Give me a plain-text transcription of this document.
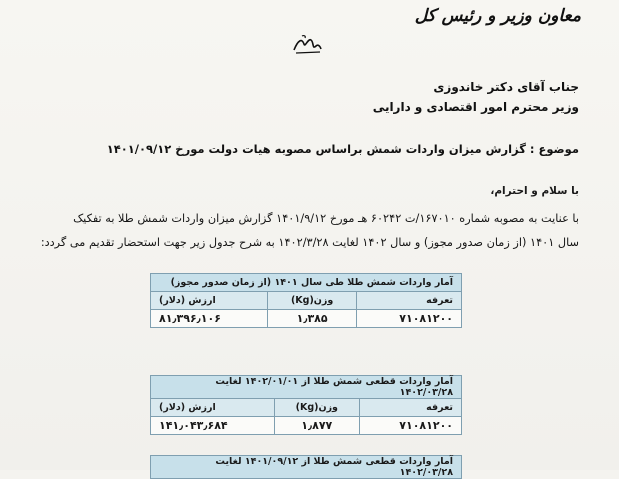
معاون وزیر و رئیس کل
جناب آقای دکتر خاندوزی
وزیر محترم امور اقتصادی و دارایی
موضوع : گزارش میزان واردات شمش براساس مصوبه هیات دولت مورخ ۱۴۰۱/۰۹/۱۲
با سلام و احترام،
با عنایت به مصوبه شماره ۱۶۷۰۱۰/ت ۶۰۲۴۲ هـ مورخ ۱۴۰۱/۹/۱۲ گزارش میزان واردات شمش طلا به تفکیک
سال ۱۴۰۱ (از زمان صدور مجوز) و سال ۱۴۰۲ لغایت ۱۴۰۲/۳/۲۸ به شرح جدول زیر جهت استحضار تقدیم می گردد:
آمار واردات شمش طلا طی سال ۱۴۰۱ (از زمان صدور مجوز)		
تعرفه	وزن(Kg)	ارزش (دلار)
۷۱۰۸۱۲۰۰	۱٫۳۸۵	۸۱٫۳۹۶٫۱۰۶
آمار واردات قطعی شمش طلا از ۱۴۰۲/۰۱/۰۱ لغایت ۱۴۰۲/۰۳/۲۸		
تعرفه	وزن(Kg)	ارزش (دلار)
۷۱۰۸۱۲۰۰	۱٫۸۷۷	۱۴۱٫۰۴۳٫۶۸۴
آمار واردات قطعی شمش طلا از ۱۴۰۱/۰۹/۱۲ لغایت ۱۴۰۲/۰۳/۲۸
